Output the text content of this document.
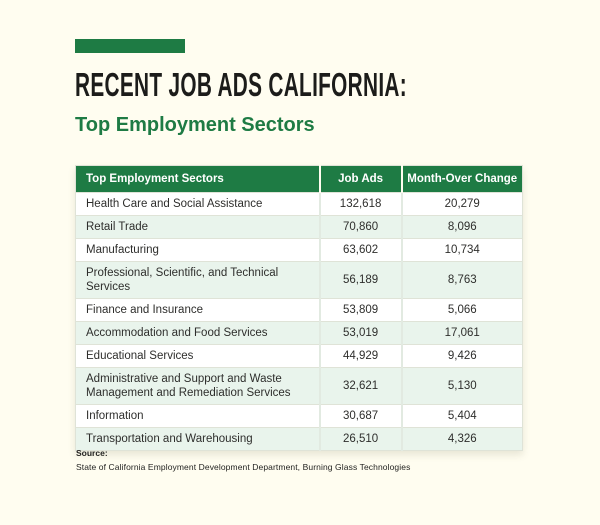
RECENT JOB ADS CALIFORNIA:
Top Employment Sectors
Top Employment Sectors	Job Ads	Month-Over Change
Health Care and Social Assistance	132,618	20,279
Retail Trade	70,860	8,096
Manufacturing	63,602	10,734
Professional, Scientific, and Technical Services	56,189	8,763
Finance and Insurance	53,809	5,066
Accommodation and Food Services	53,019	17,061
Educational Services	44,929	9,426
Administrative and Support and Waste Management and Remediation Services	32,621	5,130
Information	30,687	5,404
Transportation and Warehousing	26,510	4,326
Source:
State of California Employment Development Department, Burning Glass Technologies
